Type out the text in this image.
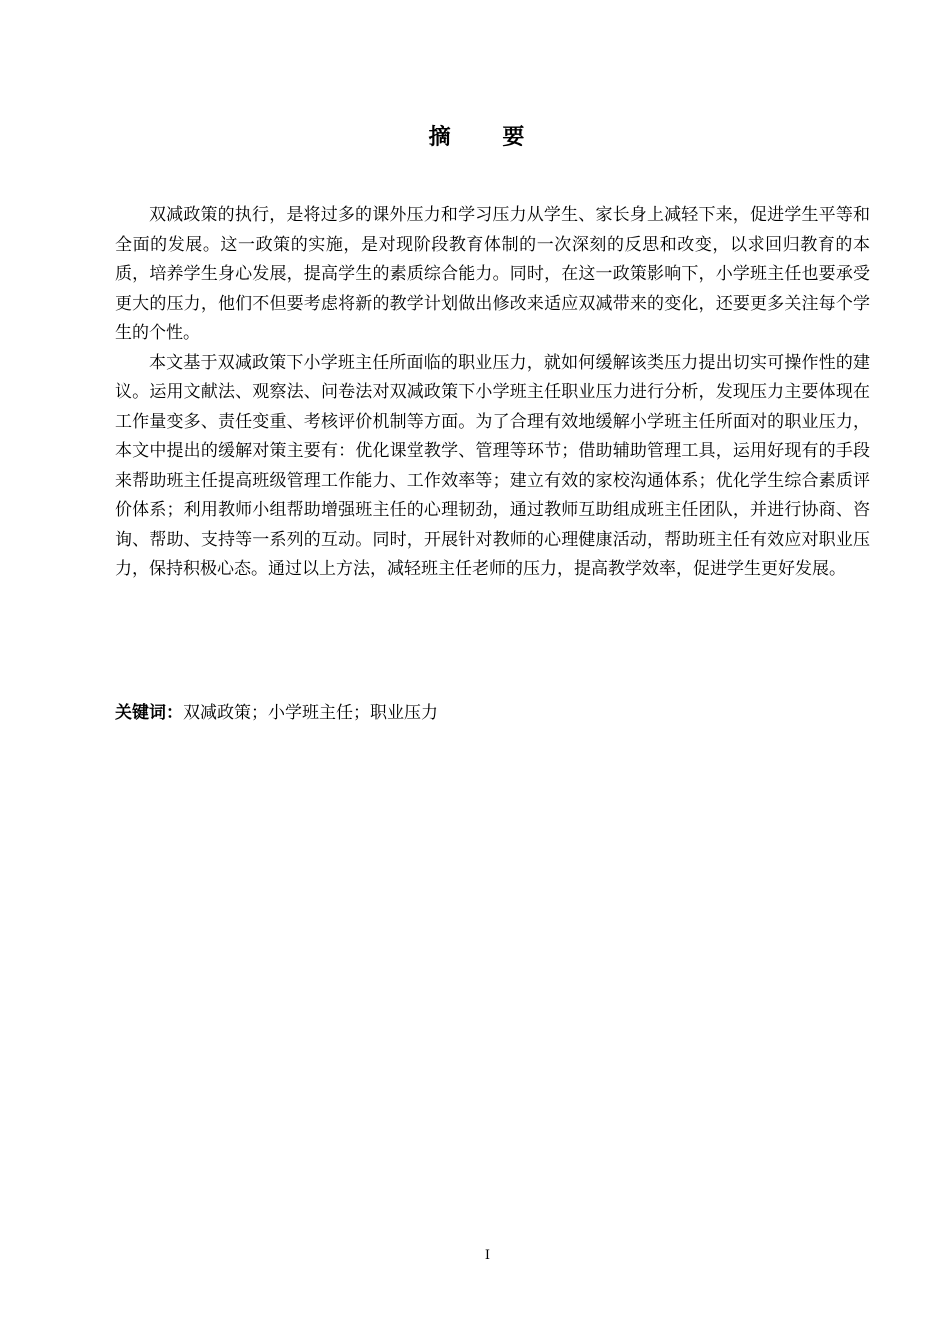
摘 要

双减政策的执行，是将过多的课外压力和学习压力从学生、家长身上减轻下来，促进学生平等和全面的发展。这一政策的实施，是对现阶段教育体制的一次深刻的反思和改变，以求回归教育的本质，培养学生身心发展，提高学生的素质综合能力。同时，在这一政策影响下，小学班主任也要承受更大的压力，他们不但要考虑将新的教学计划做出修改来适应双减带来的变化，还要更多关注每个学生的个性。

本文基于双减政策下小学班主任所面临的职业压力，就如何缓解该类压力提出切实可操作性的建议。运用文献法、观察法、问卷法对双减政策下小学班主任职业压力进行分析，发现压力主要体现在工作量变多、责任变重、考核评价机制等方面。为了合理有效地缓解小学班主任所面对的职业压力，本文中提出的缓解对策主要有：优化课堂教学、管理等环节；借助辅助管理工具，运用好现有的手段来帮助班主任提高班级管理工作能力、工作效率等；建立有效的家校沟通体系；优化学生综合素质评价体系；利用教师小组帮助增强班主任的心理韧劲，通过教师互助组成班主任团队，并进行协商、咨询、帮助、支持等一系列的互动。同时，开展针对教师的心理健康活动，帮助班主任有效应对职业压力，保持积极心态。通过以上方法，减轻班主任老师的压力，提高教学效率，促进学生更好发展。

关键词：双减政策；小学班主任；职业压力

I
